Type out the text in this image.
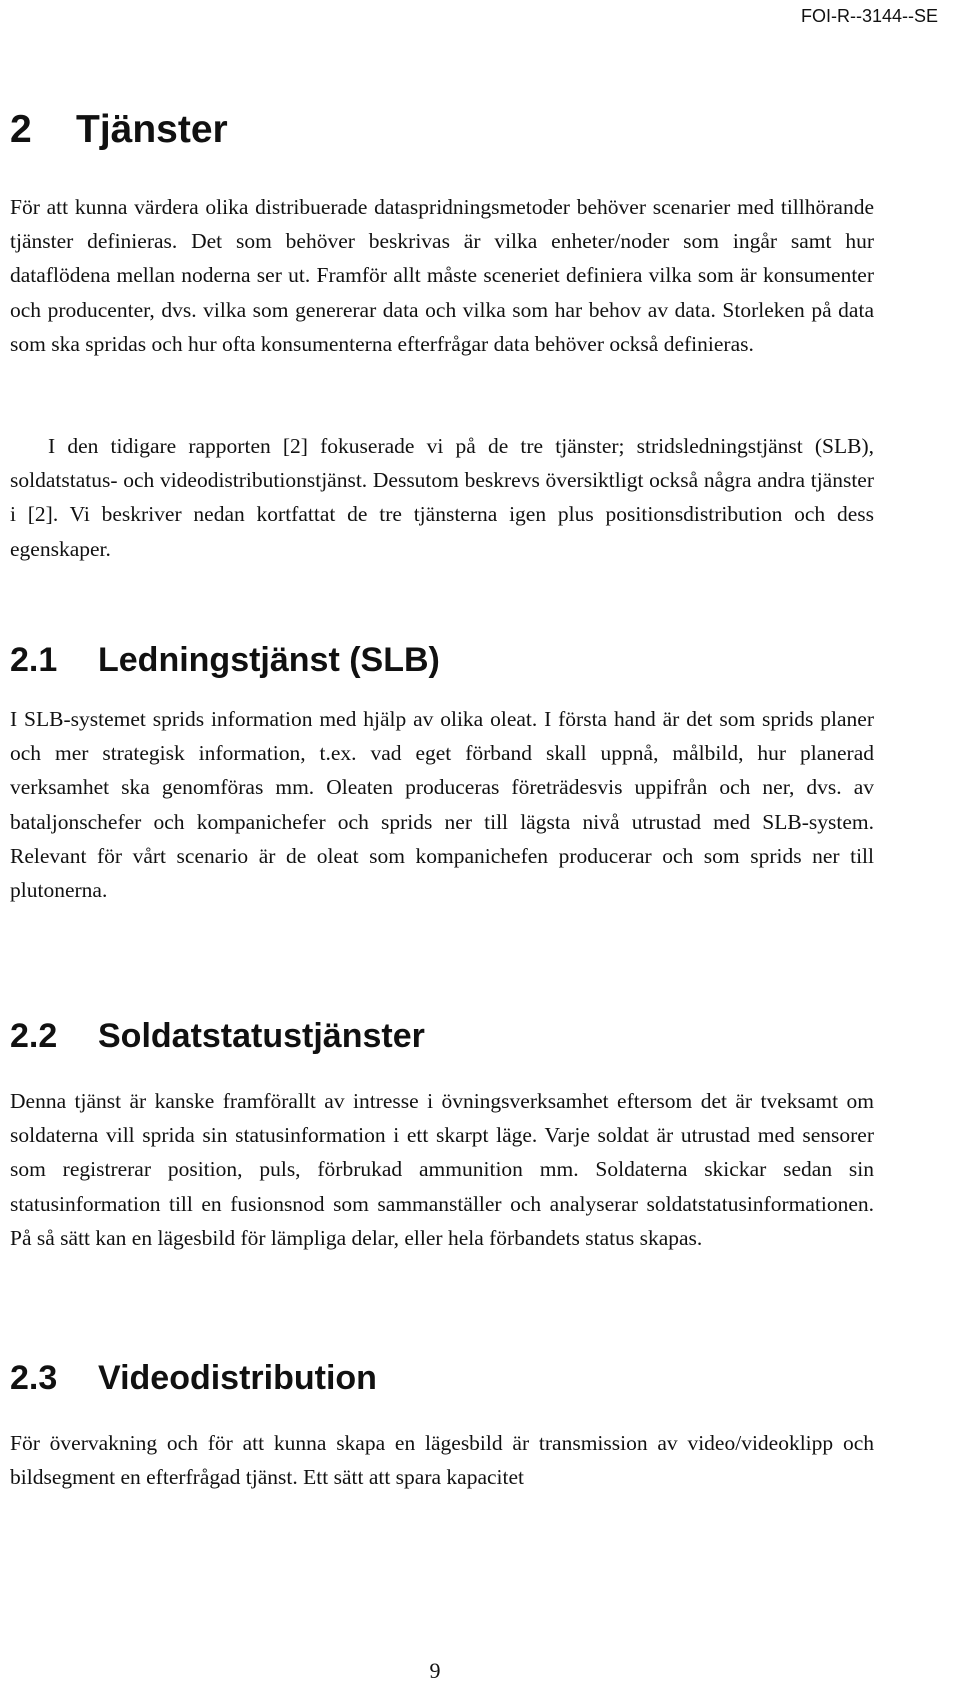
FOI-R--3144--SE
2 Tjänster

För att kunna värdera olika distribuerade dataspridningsmetoder behöver scenarier med tillhörande tjänster definieras. Det som behöver beskrivas är vilka enheter/noder som ingår samt hur dataflödena mellan noderna ser ut. Framför allt måste sceneriet definiera vilka som är konsumenter och producenter, dvs. vilka som genererar data och vilka som har behov av data. Storleken på data som ska spridas och hur ofta konsumenterna efterfrågar data behöver också definieras.

I den tidigare rapporten [2] fokuserade vi på de tre tjänster; stridsledningstjänst (SLB), soldatstatus- och videodistributionstjänst. Dessutom beskrevs översiktligt också några andra tjänster i [2]. Vi beskriver nedan kortfattat de tre tjänsterna igen plus positionsdistribution och dess egenskaper.

2.1 Ledningstjänst (SLB)

I SLB-systemet sprids information med hjälp av olika oleat. I första hand är det som sprids planer och mer strategisk information, t.ex. vad eget förband skall uppnå, målbild, hur planerad verksamhet ska genomföras mm. Oleaten produceras företrädesvis uppifrån och ner, dvs. av bataljonschefer och kompanichefer och sprids ner till lägsta nivå utrustad med SLB-system. Relevant för vårt scenario är de oleat som kompanichefen producerar och som sprids ner till plutonerna.

2.2 Soldatstatustjänster

Denna tjänst är kanske framförallt av intresse i övningsverksamhet eftersom det är tveksamt om soldaterna vill sprida sin statusinformation i ett skarpt läge. Varje soldat är utrustad med sensorer som registrerar position, puls, förbrukad ammunition mm. Soldaterna skickar sedan sin statusinformation till en fusionsnod som sammanställer och analyserar soldatstatusinformationen. På så sätt kan en lägesbild för lämpliga delar, eller hela förbandets status skapas.

2.3 Videodistribution

För övervakning och för att kunna skapa en lägesbild är transmission av video/videoklipp och bildsegment en efterfrågad tjänst. Ett sätt att spara kapacitet

9
